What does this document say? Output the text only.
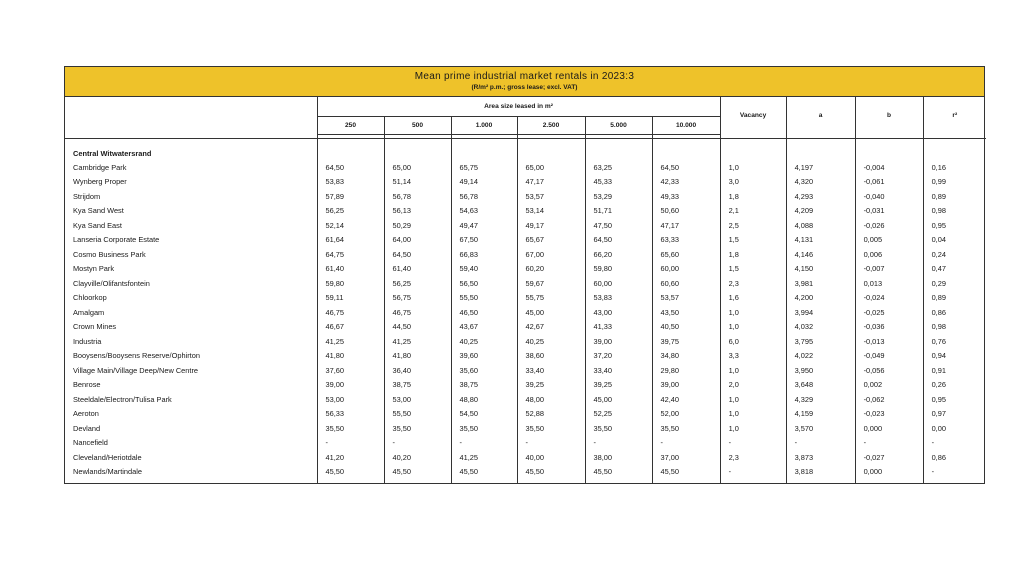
Mean prime industrial market rentals in 2023:3
(R/m² p.m.; gross lease; excl. VAT)
	Area size leased in m²						Vacancy	a	b	r²
	250	500	1.000	2.500	5.000	10.000				

Central Witwatersrand										
Cambridge Park	64,50	65,00	65,75	65,00	63,25	64,50	1,0	4,197	-0,004	0,16
Wynberg Proper	53,83	51,14	49,14	47,17	45,33	42,33	3,0	4,320	-0,061	0,99
Strijdom	57,89	56,78	56,78	53,57	53,29	49,33	1,8	4,293	-0,040	0,89
Kya Sand West	56,25	56,13	54,63	53,14	51,71	50,60	2,1	4,209	-0,031	0,98
Kya Sand East	52,14	50,29	49,47	49,17	47,50	47,17	2,5	4,088	-0,026	0,95
Lanseria Corporate Estate	61,64	64,00	67,50	65,67	64,50	63,33	1,5	4,131	0,005	0,04
Cosmo Business Park	64,75	64,50	66,83	67,00	66,20	65,60	1,8	4,146	0,006	0,24
Mostyn Park	61,40	61,40	59,40	60,20	59,80	60,00	1,5	4,150	-0,007	0,47
Clayville/Olifantsfontein	59,80	56,25	56,50	59,67	60,00	60,60	2,3	3,981	0,013	0,29
Chloorkop	59,11	56,75	55,50	55,75	53,83	53,57	1,6	4,200	-0,024	0,89
Amalgam	46,75	46,75	46,50	45,00	43,00	43,50	1,0	3,994	-0,025	0,86
Crown Mines	46,67	44,50	43,67	42,67	41,33	40,50	1,0	4,032	-0,036	0,98
Industria	41,25	41,25	40,25	40,25	39,00	39,75	6,0	3,795	-0,013	0,76
Booysens/Booysens Reserve/Ophirton	41,80	41,80	39,60	38,60	37,20	34,80	3,3	4,022	-0,049	0,94
Village Main/Village Deep/New Centre	37,60	36,40	35,60	33,40	33,40	29,80	1,0	3,950	-0,056	0,91
Benrose	39,00	38,75	38,75	39,25	39,25	39,00	2,0	3,648	0,002	0,26
Steeldale/Electron/Tulisa Park	53,00	53,00	48,80	48,00	45,00	42,40	1,0	4,329	-0,062	0,95
Aeroton	56,33	55,50	54,50	52,88	52,25	52,00	1,0	4,159	-0,023	0,97
Devland	35,50	35,50	35,50	35,50	35,50	35,50	1,0	3,570	0,000	0,00
Nancefield	-	-	-	-	-	-	-	-	-	-
Cleveland/Heriotdale	41,20	40,20	41,25	40,00	38,00	37,00	2,3	3,873	-0,027	0,86
Newlands/Martindale	45,50	45,50	45,50	45,50	45,50	45,50	-	3,818	0,000	-
